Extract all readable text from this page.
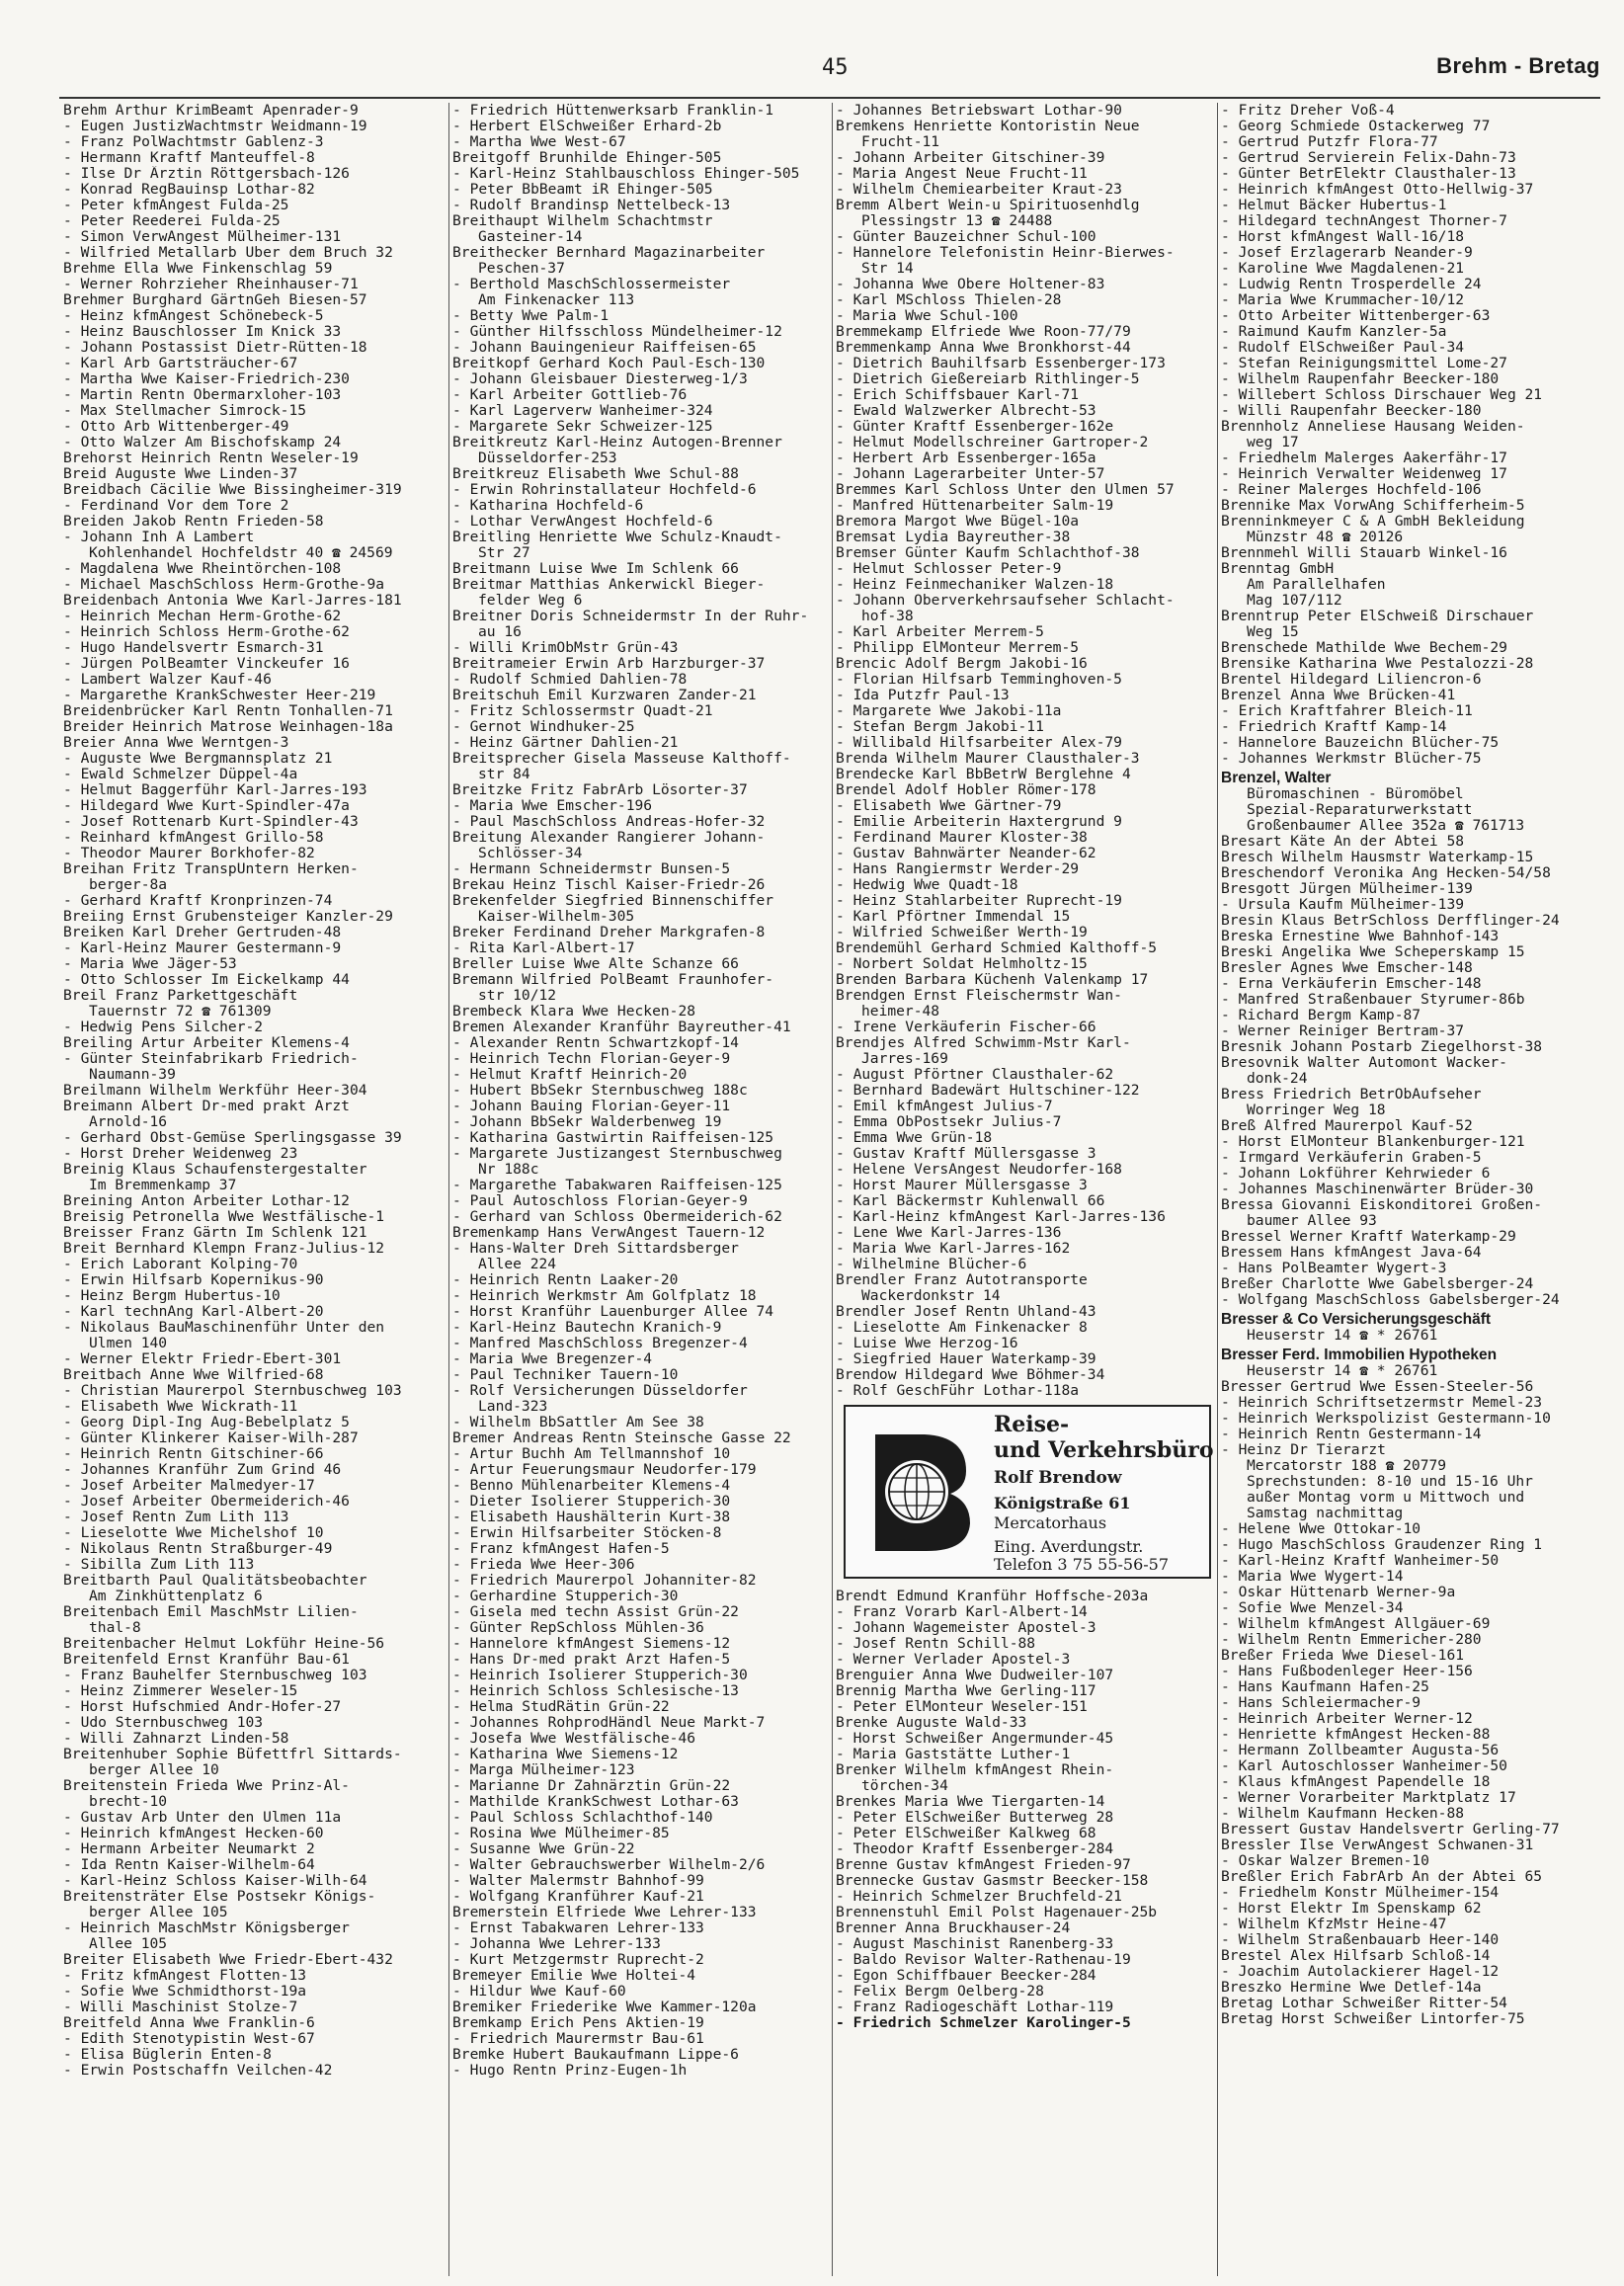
45	Brehm - Bretag
Brehm Arthur KrimBeamt Apenrader-9
- Eugen JustizWachtmstr Weidmann-19
- Franz PolWachtmstr Gablenz-3
- Hermann Kraftf Manteuffel-8
- Ilse Dr Ärztin Röttgersbach-126
- Konrad RegBauinsp Lothar-82
- Peter kfmAngest Fulda-25
- Peter Reederei Fulda-25
- Simon VerwAngest Mülheimer-131
- Wilfried Metallarb Über dem Bruch 32
Brehme Ella Wwe Finkenschlag 59
- Werner Rohrzieher Rheinhauser-71
Brehmer Burghard GärtnGeh Biesen-57
- Heinz kfmAngest Schönebeck-5
- Heinz Bauschlosser Im Knick 33
- Johann Postassist Dietr-Rütten-18
- Karl Arb Gartsträucher-67
- Martha Wwe Kaiser-Friedrich-230
- Martin Rentn Obermarxloher-103
- Max Stellmacher Simrock-15
- Otto Arb Wittenberger-49
- Otto Walzer Am Bischofskamp 24
Brehorst Heinrich Rentn Weseler-19
Breid Auguste Wwe Linden-37
Breidbach Cäcilie Wwe Bissingheimer-319
- Ferdinand Vor dem Tore 2
Breiden Jakob Rentn Frieden-58
- Johann Inh A Lambert
Kohlenhandel Hochfeldstr 40 ☎ 24569
- Magdalena Wwe Rheintörchen-108
- Michael MaschSchloss Herm-Grothe-9a
Breidenbach Antonia Wwe Karl-Jarres-181
- Heinrich Mechan Herm-Grothe-62
- Heinrich Schloss Herm-Grothe-62
- Hugo Handelsvertr Esmarch-31
- Jürgen PolBeamter Vinckeufer 16
- Lambert Walzer Kauf-46
- Margarethe KrankSchwester Heer-219
Breidenbrücker Karl Rentn Tonhallen-71
Breider Heinrich Matrose Weinhagen-18a
Breier Anna Wwe Werntgen-3
- Auguste Wwe Bergmannsplatz 21
- Ewald Schmelzer Düppel-4a
- Helmut Baggerführ Karl-Jarres-193
- Hildegard Wwe Kurt-Spindler-47a
- Josef Rottenarb Kurt-Spindler-43
- Reinhard kfmAngest Grillo-58
- Theodor Maurer Borkhofer-82
Breihan Fritz TranspUntern Herken-
berger-8a
- Gerhard Kraftf Kronprinzen-74
Breiing Ernst Grubensteiger Kanzler-29
Breiken Karl Dreher Gertruden-48
- Karl-Heinz Maurer Gestermann-9
- Maria Wwe Jäger-53
- Otto Schlosser Im Eickelkamp 44
Breil Franz Parkettgeschäft
Tauernstr 72 ☎ 761309
- Hedwig Pens Silcher-2
Breiling Artur Arbeiter Klemens-4
- Günter Steinfabrikarb Friedrich-
Naumann-39
Breilmann Wilhelm Werkführ Heer-304
Breimann Albert Dr-med prakt Arzt
Arnold-16
- Gerhard Obst-Gemüse Sperlingsgasse 39
- Horst Dreher Weidenweg 23
Breinig Klaus Schaufenstergestalter
Im Bremmenkamp 37
Breining Anton Arbeiter Lothar-12
Breisig Petronella Wwe Westfälische-1
Breisser Franz Gärtn Im Schlenk 121
Breit Bernhard Klempn Franz-Julius-12
- Erich Laborant Kolping-70
- Erwin Hilfsarb Kopernikus-90
- Heinz Bergm Hubertus-10
- Karl technAng Karl-Albert-20
- Nikolaus BauMaschinenführ Unter den
Ulmen 140
- Werner Elektr Friedr-Ebert-301
Breitbach Anne Wwe Wilfried-68
- Christian Maurerpol Sternbuschweg 103
- Elisabeth Wwe Wickrath-11
- Georg Dipl-Ing Aug-Bebelplatz 5
- Günter Klinkerer Kaiser-Wilh-287
- Heinrich Rentn Gitschiner-66
- Johannes Kranführ Zum Grind 46
- Josef Arbeiter Malmedyer-17
- Josef Arbeiter Obermeiderich-46
- Josef Rentn Zum Lith 113
- Lieselotte Wwe Michelshof 10
- Nikolaus Rentn Straßburger-49
- Sibilla Zum Lith 113
Breitbarth Paul Qualitätsbeobachter
Am Zinkhüttenplatz 6
Breitenbach Emil MaschMstr Lilien-
thal-8
Breitenbacher Helmut Lokführ Heine-56
Breitenfeld Ernst Kranführ Bau-61
- Franz Bauhelfer Sternbuschweg 103
- Heinz Zimmerer Weseler-15
- Horst Hufschmied Andr-Hofer-27
- Udo Sternbuschweg 103
- Willi Zahnarzt Linden-58
Breitenhuber Sophie Büfettfrl Sittards-
berger Allee 10
Breitenstein Frieda Wwe Prinz-Al-
brecht-10
- Gustav Arb Unter den Ulmen 11a
- Heinrich kfmAngest Hecken-60
- Hermann Arbeiter Neumarkt 2
- Ida Rentn Kaiser-Wilhelm-64
- Karl-Heinz Schloss Kaiser-Wilh-64
Breitensträter Else Postsekr Königs-
berger Allee 105
- Heinrich MaschMstr Königsberger
Allee 105
Breiter Elisabeth Wwe Friedr-Ebert-432
- Fritz kfmAngest Flotten-13
- Sofie Wwe Schmidthorst-19a
- Willi Maschinist Stolze-7
Breitfeld Anna Wwe Franklin-6
- Edith Stenotypistin West-67
- Elisa Büglerin Enten-8
- Erwin Postschaffn Veilchen-42
- Friedrich Hüttenwerksarb Franklin-1
- Herbert ElSchweißer Erhard-2b
- Martha Wwe West-67
Breitgoff Brunhilde Ehinger-505
- Karl-Heinz Stahlbauschloss Ehinger-505
- Peter BbBeamt iR Ehinger-505
- Rudolf Brandinsp Nettelbeck-13
Breithaupt Wilhelm Schachtmstr
Gasteiner-14
Breithecker Bernhard Magazinarbeiter
Peschen-37
- Berthold MaschSchlossermeister
Am Finkenacker 113
- Betty Wwe Palm-1
- Günther Hilfsschloss Mündelheimer-12
- Johann Bauingenieur Raiffeisen-65
Breitkopf Gerhard Koch Paul-Esch-130
- Johann Gleisbauer Diesterweg-1/3
- Karl Arbeiter Gottlieb-76
- Karl Lagerverw Wanheimer-324
- Margarete Sekr Schweizer-125
Breitkreutz Karl-Heinz Autogen-Brenner
Düsseldorfer-253
Breitkreuz Elisabeth Wwe Schul-88
- Erwin Rohrinstallateur Hochfeld-6
- Katharina Hochfeld-6
- Lothar VerwAngest Hochfeld-6
Breitling Henriette Wwe Schulz-Knaudt-
Str 27
Breitmann Luise Wwe Im Schlenk 66
Breitmar Matthias Ankerwickl Bieger-
felder Weg 6
Breitner Doris Schneidermstr In der Ruhr-
au 16
- Willi KrimObMstr Grün-43
Breitrameier Erwin Arb Harzburger-37
- Rudolf Schmied Dahlien-78
Breitschuh Emil Kurzwaren Zander-21
- Fritz Schlossermstr Quadt-21
- Gernot Windhuker-25
- Heinz Gärtner Dahlien-21
Breitsprecher Gisela Masseuse Kalthoff-
str 84
Breitzke Fritz FabrArb Lösorter-37
- Maria Wwe Emscher-196
- Paul MaschSchloss Andreas-Hofer-32
Breitung Alexander Rangierer Johann-
Schlösser-34
- Hermann Schneidermstr Bunsen-5
Brekau Heinz Tischl Kaiser-Friedr-26
Brekenfelder Siegfried Binnenschiffer
Kaiser-Wilhelm-305
Breker Ferdinand Dreher Markgrafen-8
- Rita Karl-Albert-17
Breller Luise Wwe Alte Schanze 66
Bremann Wilfried PolBeamt Fraunhofer-
str 10/12
Brembeck Klara Wwe Hecken-28
Bremen Alexander Kranführ Bayreuther-41
- Alexander Rentn Schwartzkopf-14
- Heinrich Techn Florian-Geyer-9
- Helmut Kraftf Heinrich-20
- Hubert BbSekr Sternbuschweg 188c
- Johann Bauing Florian-Geyer-11
- Johann BbSekr Walderbenweg 19
- Katharina Gastwirtin Raiffeisen-125
- Margarete Justizangest Sternbuschweg
Nr 188c
- Margarethe Tabakwaren Raiffeisen-125
- Paul Autoschloss Florian-Geyer-9
- Gerhard van Schloss Obermeiderich-62
Bremenkamp Hans VerwAngest Tauern-12
- Hans-Walter Dreh Sittardsberger
Allee 224
- Heinrich Rentn Laaker-20
- Heinrich Werkmstr Am Golfplatz 18
- Horst Kranführ Lauenburger Allee 74
- Karl-Heinz Bautechn Kranich-9
- Manfred MaschSchloss Bregenzer-4
- Maria Wwe Bregenzer-4
- Paul Techniker Tauern-10
- Rolf Versicherungen Düsseldorfer
Land-323
- Wilhelm BbSattler Am See 38
Bremer Andreas Rentn Steinsche Gasse 22
- Artur Buchh Am Tellmannshof 10
- Artur Feuerungsmaur Neudorfer-179
- Benno Mühlenarbeiter Klemens-4
- Dieter Isolierer Stupperich-30
- Elisabeth Haushälterin Kurt-38
- Erwin Hilfsarbeiter Stöcken-8
- Franz kfmAngest Hafen-5
- Frieda Wwe Heer-306
- Friedrich Maurerpol Johanniter-82
- Gerhardine Stupperich-30
- Gisela med techn Assist Grün-22
- Günter RepSchloss Mühlen-36
- Hannelore kfmAngest Siemens-12
- Hans Dr-med prakt Arzt Hafen-5
- Heinrich Isolierer Stupperich-30
- Heinrich Schloss Schlesische-13
- Helma StudRätin Grün-22
- Johannes RohprodHändl Neue Markt-7
- Josefa Wwe Westfälische-46
- Katharina Wwe Siemens-12
- Marga Mülheimer-123
- Marianne Dr Zahnärztin Grün-22
- Mathilde KrankSchwest Lothar-63
- Paul Schloss Schlachthof-140
- Rosina Wwe Mülheimer-85
- Susanne Wwe Grün-22
- Walter Gebrauchswerber Wilhelm-2/6
- Walter Malermstr Bahnhof-99
- Wolfgang Kranführer Kauf-21
Bremerstein Elfriede Wwe Lehrer-133
- Ernst Tabakwaren Lehrer-133
- Johanna Wwe Lehrer-133
- Kurt Metzgermstr Ruprecht-2
Bremeyer Emilie Wwe Holtei-4
- Hildur Wwe Kauf-60
Bremiker Friederike Wwe Kammer-120a
Bremkamp Erich Pens Aktien-19
- Friedrich Maurermstr Bau-61
Bremke Hubert Baukaufmann Lippe-6
- Hugo Rentn Prinz-Eugen-1h
- Johannes Betriebswart Lothar-90
Bremkens Henriette Kontoristin Neue
Frucht-11
- Johann Arbeiter Gitschiner-39
- Maria Angest Neue Frucht-11
- Wilhelm Chemiearbeiter Kraut-23
Bremm Albert Wein-u Spirituosenhdlg
Plessingstr 13 ☎ 24488
- Günter Bauzeichner Schul-100
- Hannelore Telefonistin Heinr-Bierwes-
Str 14
- Johanna Wwe Obere Holtener-83
- Karl MSchloss Thielen-28
- Maria Wwe Schul-100
Bremmekamp Elfriede Wwe Roon-77/79
Bremmenkamp Anna Wwe Bronkhorst-44
- Dietrich Bauhilfsarb Essenberger-173
- Dietrich Gießereiarb Rithlinger-5
- Erich Schiffsbauer Karl-71
- Ewald Walzwerker Albrecht-53
- Günter Kraftf Essenberger-162e
- Helmut Modellschreiner Gartroper-2
- Herbert Arb Essenberger-165a
- Johann Lagerarbeiter Unter-57
Bremmes Karl Schloss Unter den Ulmen 57
- Manfred Hüttenarbeiter Salm-19
Bremora Margot Wwe Bügel-10a
Bremsat Lydia Bayreuther-38
Bremser Günter Kaufm Schlachthof-38
- Helmut Schlosser Peter-9
- Heinz Feinmechaniker Walzen-18
- Johann Oberverkehrsaufseher Schlacht-
hof-38
- Karl Arbeiter Merrem-5
- Philipp ElMonteur Merrem-5
Brencic Adolf Bergm Jakobi-16
- Florian Hilfsarb Temminghoven-5
- Ida Putzfr Paul-13
- Margarete Wwe Jakobi-11a
- Stefan Bergm Jakobi-11
- Willibald Hilfsarbeiter Alex-79
Brenda Wilhelm Maurer Clausthaler-3
Brendecke Karl BbBetrW Berglehne 4
Brendel Adolf Hobler Römer-178
- Elisabeth Wwe Gärtner-79
- Emilie Arbeiterin Haxtergrund 9
- Ferdinand Maurer Kloster-38
- Gustav Bahnwärter Neander-62
- Hans Rangiermstr Werder-29
- Hedwig Wwe Quadt-18
- Heinz Stahlarbeiter Ruprecht-19
- Karl Pförtner Immendal 15
- Wilfried Schweißer Werth-19
Brendemühl Gerhard Schmied Kalthoff-5
- Norbert Soldat Helmholtz-15
Brenden Barbara Küchenh Valenkamp 17
Brendgen Ernst Fleischermstr Wan-
heimer-48
- Irene Verkäuferin Fischer-66
Brendjes Alfred Schwimm-Mstr Karl-
Jarres-169
- August Pförtner Clausthaler-62
- Bernhard Badewärt Hultschiner-122
- Emil kfmAngest Julius-7
- Emma ObPostsekr Julius-7
- Emma Wwe Grün-18
- Gustav Kraftf Müllersgasse 3
- Helene VersAngest Neudorfer-168
- Horst Maurer Müllersgasse 3
- Karl Bäckermstr Kuhlenwall 66
- Karl-Heinz kfmAngest Karl-Jarres-136
- Lene Wwe Karl-Jarres-136
- Maria Wwe Karl-Jarres-162
- Wilhelmine Blücher-6
Brendler Franz Autotransporte
Wackerdonkstr 14
Brendler Josef Rentn Uhland-43
- Lieselotte Am Finkenacker 8
- Luise Wwe Herzog-16
- Siegfried Hauer Waterkamp-39
Brendow Hildegard Wwe Böhmer-34
- Rolf GeschFühr Lothar-118a
Reise-
und Verkehrsbüro
Rolf Brendow
Königstraße 61
Mercatorhaus
Eing. Averdungstr.
Telefon 3 75 55-56-57
Brendt Edmund Kranführ Hoffsche-203a
- Franz Vorarb Karl-Albert-14
- Johann Wagemeister Apostel-3
- Josef Rentn Schill-88
- Werner Verlader Apostel-3
Brenguier Anna Wwe Dudweiler-107
Brennig Martha Wwe Gerling-117
- Peter ElMonteur Weseler-151
Brenke Auguste Wald-33
- Horst Schweißer Angermunder-45
- Maria Gaststätte Luther-1
Brenker Wilhelm kfmAngest Rhein-
törchen-34
Brenkes Maria Wwe Tiergarten-14
- Peter ElSchweißer Butterweg 28
- Peter ElSchweißer Kalkweg 68
- Theodor Kraftf Essenberger-284
Brenne Gustav kfmAngest Frieden-97
Brennecke Gustav Gasmstr Beecker-158
- Heinrich Schmelzer Bruchfeld-21
Brennenstuhl Emil Polst Hagenauer-25b
Brenner Anna Bruckhauser-24
- August Maschinist Ranenberg-33
- Baldo Revisor Walter-Rathenau-19
- Egon Schiffbauer Beecker-284
- Felix Bergm Oelberg-28
- Franz Radiogeschäft Lothar-119
- Friedrich Schmelzer Karolinger-5
- Fritz Dreher Voß-4
- Georg Schmiede Ostackerweg 77
- Gertrud Putzfr Flora-77
- Gertrud Servierein Felix-Dahn-73
- Günter BetrElektr Clausthaler-13
- Heinrich kfmAngest Otto-Hellwig-37
- Helmut Bäcker Hubertus-1
- Hildegard technAngest Thorner-7
- Horst kfmAngest Wall-16/18
- Josef Erzlagerarb Neander-9
- Karoline Wwe Magdalenen-21
- Ludwig Rentn Trosperdelle 24
- Maria Wwe Krummacher-10/12
- Otto Arbeiter Wittenberger-63
- Raimund Kaufm Kanzler-5a
- Rudolf ElSchweißer Paul-34
- Stefan Reinigungsmittel Lome-27
- Wilhelm Raupenfahr Beecker-180
- Willebert Schloss Dirschauer Weg 21
- Willi Raupenfahr Beecker-180
Brennholz Anneliese Hausang Weiden-
weg 17
- Friedhelm Malerges Aakerfähr-17
- Heinrich Verwalter Weidenweg 17
- Reiner Malerges Hochfeld-106
Brennike Max VorwAng Schifferheim-5
Brenninkmeyer C & A GmbH Bekleidung
Münzstr 48 ☎ 20126
Brennmehl Willi Stauarb Winkel-16
Brenntag GmbH
Am Parallelhafen
Mag 107/112
Brenntrup Peter ElSchweiß Dirschauer
Weg 15
Brenschede Mathilde Wwe Bechem-29
Brensike Katharina Wwe Pestalozzi-28
Brentel Hildegard Liliencron-6
Brenzel Anna Wwe Brücken-41
- Erich Kraftfahrer Bleich-11
- Friedrich Kraftf Kamp-14
- Hannelore Bauzeichn Blücher-75
- Johannes Werkmstr Blücher-75
Brenzel, Walter
Büromaschinen - Büromöbel
Spezial-Reparaturwerkstatt
Großenbaumer Allee 352a ☎ 761713
Bresart Käte An der Abtei 58
Bresch Wilhelm Hausmstr Waterkamp-15
Breschendorf Veronika Ang Hecken-54/58
Bresgott Jürgen Mülheimer-139
- Ursula Kaufm Mülheimer-139
Bresin Klaus BetrSchloss Derfflinger-24
Breska Ernestine Wwe Bahnhof-143
Breski Angelika Wwe Scheperskamp 15
Bresler Agnes Wwe Emscher-148
- Erna Verkäuferin Emscher-148
- Manfred Straßenbauer Styrumer-86b
- Richard Bergm Kamp-87
- Werner Reiniger Bertram-37
Bresnik Johann Postarb Ziegelhorst-38
Bresovnik Walter Automont Wacker-
donk-24
Bress Friedrich BetrObAufseher
Worringer Weg 18
Breß Alfred Maurerpol Kauf-52
- Horst ElMonteur Blankenburger-121
- Irmgard Verkäuferin Graben-5
- Johann Lokführer Kehrwieder 6
- Johannes Maschinenwärter Brüder-30
Bressa Giovanni Eiskonditorei Großen-
baumer Allee 93
Bressel Werner Kraftf Waterkamp-29
Bressem Hans kfmAngest Java-64
- Hans PolBeamter Wygert-3
Breßer Charlotte Wwe Gabelsberger-24
- Wolfgang MaschSchloss Gabelsberger-24
Bresser & Co Versicherungsgeschäft
Heuserstr 14 ☎ * 26761
Bresser Ferd. Immobilien Hypotheken
Heuserstr 14 ☎ * 26761
Bresser Gertrud Wwe Essen-Steeler-56
- Heinrich Schriftsetzermstr Memel-23
- Heinrich Werkspolizist Gestermann-10
- Heinrich Rentn Gestermann-14
- Heinz Dr Tierarzt
Mercatorstr 188 ☎ 20779
Sprechstunden: 8-10 und 15-16 Uhr
außer Montag vorm u Mittwoch und
Samstag nachmittag
- Helene Wwe Ottokar-10
- Hugo MaschSchloss Graudenzer Ring 1
- Karl-Heinz Kraftf Wanheimer-50
- Maria Wwe Wygert-14
- Oskar Hüttenarb Werner-9a
- Sofie Wwe Menzel-34
- Wilhelm kfmAngest Allgäuer-69
- Wilhelm Rentn Emmericher-280
Breßer Frieda Wwe Diesel-161
- Hans Fußbodenleger Heer-156
- Hans Kaufmann Hafen-25
- Hans Schleiermacher-9
- Heinrich Arbeiter Werner-12
- Henriette kfmAngest Hecken-88
- Hermann Zollbeamter Augusta-56
- Karl Autoschlosser Wanheimer-50
- Klaus kfmAngest Papendelle 18
- Werner Vorarbeiter Marktplatz 17
- Wilhelm Kaufmann Hecken-88
Bressert Gustav Handelsvertr Gerling-77
Bressler Ilse VerwAngest Schwanen-31
- Oskar Walzer Bremen-10
Breßler Erich FabrArb An der Abtei 65
- Friedhelm Konstr Mülheimer-154
- Horst Elektr Im Spenskamp 62
- Wilhelm KfzMstr Heine-47
- Wilhelm Straßenbauarb Heer-140
Brestel Alex Hilfsarb Schloß-14
- Joachim Autolackierer Hagel-12
Breszko Hermine Wwe Detlef-14a
Bretag Lothar Schweißer Ritter-54
Bretag Horst Schweißer Lintorfer-75
